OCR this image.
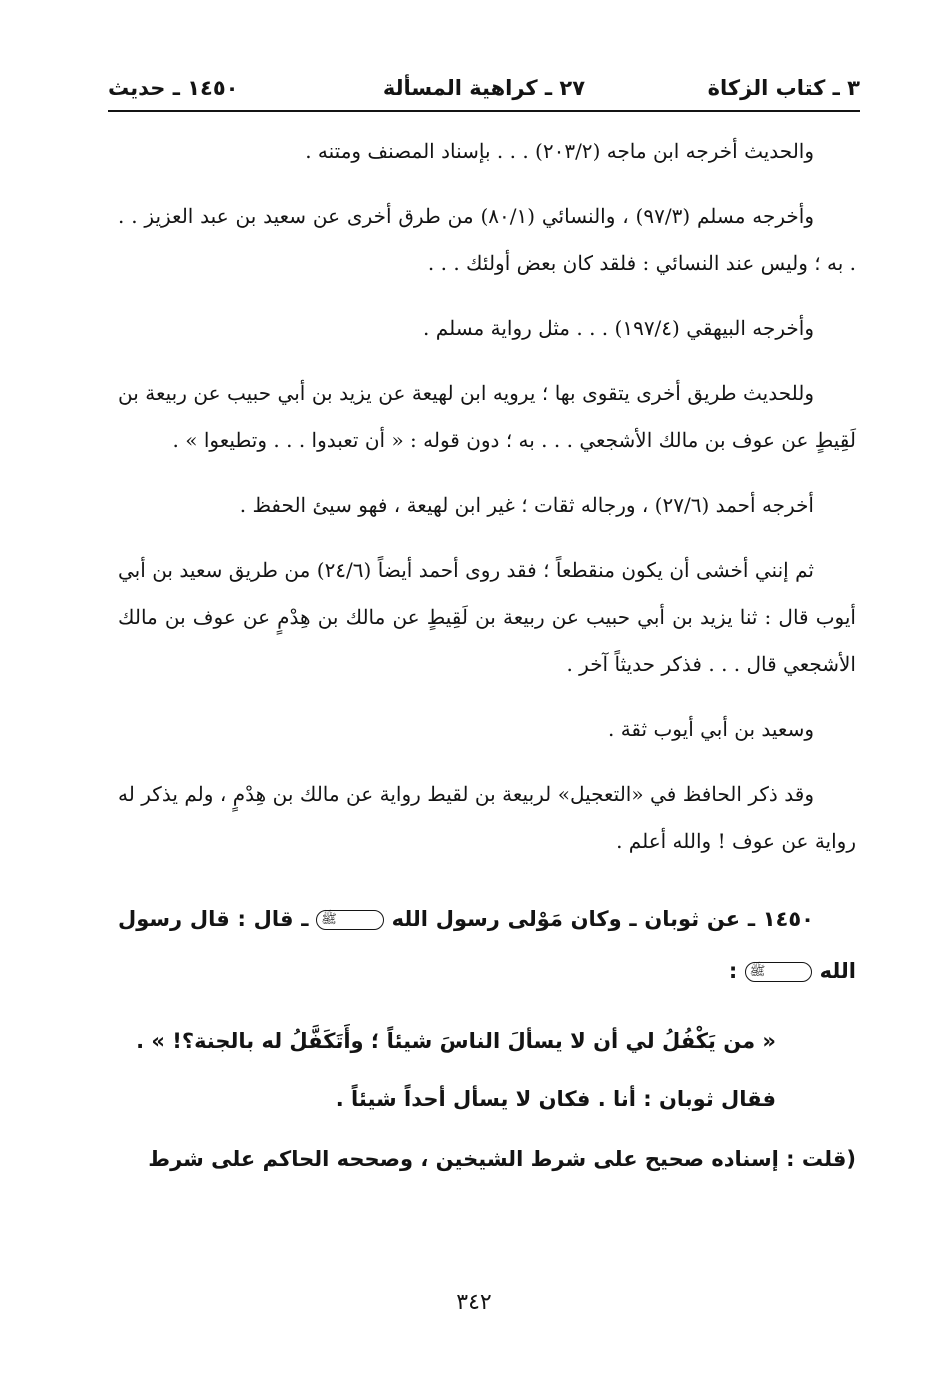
٣ ـ كتاب الزكاة
٢٧ ـ كراهية المسألة
١٤٥٠ ـ حديث

والحديث أخرجه ابن ماجه (٢٠٣/٢) . . . بإسناد المصنف ومتنه .

وأخرجه مسلم (٩٧/٣) ، والنسائي (٨٠/١) من طرق أخرى عن سعيد بن عبد العزيز . . . به ؛ وليس عند النسائي : فلقد كان بعض أولئك . . .

وأخرجه البيهقي (١٩٧/٤) . . . مثل رواية مسلم .

وللحديث طريق أخرى يتقوى بها ؛ يرويه ابن لهيعة عن يزيد بن أبي حبيب عن ربيعة بن لَقِيطٍ عن عوف بن مالك الأشجعي . . . به ؛ دون قوله : « أن تعبدوا . . . وتطيعوا » .

أخرجه أحمد (٢٧/٦) ، ورجاله ثقات ؛ غير ابن لهيعة ، فهو سيئ الحفظ .

ثم إنني أخشى أن يكون منقطعاً ؛ فقد روى أحمد أيضاً (٢٤/٦) من طريق سعيد بن أبي أيوب قال : ثنا يزيد بن أبي حبيب عن ربيعة بن لَقِيطٍ عن مالك بن هِدْمٍ عن عوف بن مالك الأشجعي قال . . . فذكر حديثاً آخر .

وسعيد بن أبي أيوب ثقة .

وقد ذكر الحافظ في «التعجيل» لربيعة بن لقيط رواية عن مالك بن هِدْمٍ ، ولم يذكر له رواية عن عوف ! والله أعلم .

١٤٥٠ ـ عن ثوبان ـ وكان مَوْلى رسول الله ﷺ ـ قال : قال رسول الله ﷺ :

« من يَكْفُلُ لي أن لا يسألَ الناسَ شيئاً ؛ وأَتَكَفَّلُ له بالجنة؟! » .

فقال ثوبان : أنا . فكان لا يسأل أحداً شيئاً .

(قلت : إسناده صحيح على شرط الشيخين ، وصححه الحاكم على شرط

٣٤٢
